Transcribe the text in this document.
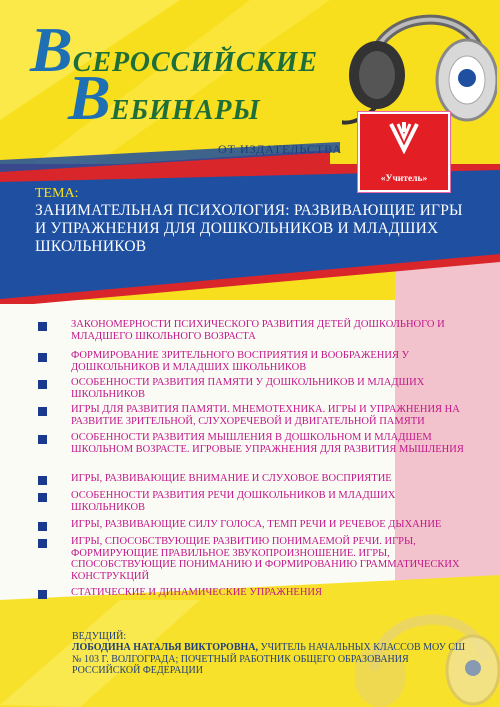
ВСЕРОССИЙСКИЕ
ВЕБИНАРЫ
ОТ ИЗДАТЕЛЬСТВА
«Учитель»
ТЕМА:
ЗАНИМАТЕЛЬНАЯ ПСИХОЛОГИЯ: РАЗВИВАЮЩИЕ ИГРЫ И УПРАЖНЕНИЯ ДЛЯ ДОШКОЛЬНИКОВ И МЛАДШИХ ШКОЛЬНИКОВ
ЗАКОНОМЕРНОСТИ ПСИХИЧЕСКОГО РАЗВИТИЯ ДЕТЕЙ ДОШКОЛЬНОГО И МЛАДШЕГО ШКОЛЬНОГО ВОЗРАСТА
ФОРМИРОВАНИЕ ЗРИТЕЛЬНОГО ВОСПРИЯТИЯ И ВООБРАЖЕНИЯ У ДОШКОЛЬНИКОВ И МЛАДШИХ ШКОЛЬНИКОВ
ОСОБЕННОСТИ РАЗВИТИЯ ПАМЯТИ У ДОШКОЛЬНИКОВ И МЛАДШИХ ШКОЛЬНИКОВ
ИГРЫ ДЛЯ РАЗВИТИЯ ПАМЯТИ. МНЕМОТЕХНИКА. ИГРЫ И УПРАЖНЕНИЯ НА РАЗВИТИЕ ЗРИТЕЛЬНОЙ, СЛУХОРЕЧЕВОЙ И ДВИГАТЕЛЬНОЙ ПАМЯТИ
ОСОБЕННОСТИ РАЗВИТИЯ МЫШЛЕНИЯ В ДОШКОЛЬНОМ И МЛАДШЕМ ШКОЛЬНОМ ВОЗРАСТЕ. ИГРОВЫЕ УПРАЖНЕНИЯ ДЛЯ РАЗВИТИЯ МЫШЛЕНИЯ
ИГРЫ, РАЗВИВАЮЩИЕ ВНИМАНИЕ И СЛУХОВОЕ ВОСПРИЯТИЕ
ОСОБЕННОСТИ РАЗВИТИЯ РЕЧИ ДОШКОЛЬНИКОВ И МЛАДШИХ ШКОЛЬНИКОВ
ИГРЫ, РАЗВИВАЮЩИЕ СИЛУ ГОЛОСА, ТЕМП РЕЧИ И РЕЧЕВОЕ ДЫХАНИЕ
ИГРЫ, СПОСОБСТВУЮЩИЕ РАЗВИТИЮ ПОНИМАЕМОЙ РЕЧИ. ИГРЫ, ФОРМИРУЮЩИЕ ПРАВИЛЬНОЕ ЗВУКОПРОИЗНОШЕНИЕ. ИГРЫ, СПОСОБСТВУЮЩИЕ ПОНИМАНИЮ И ФОРМИРОВАНИЮ ГРАММАТИЧЕСКИХ КОНСТРУКЦИЙ
СТАТИЧЕСКИЕ И ДИНАМИЧЕСКИЕ УПРАЖНЕНИЯ
ВЕДУЩИЙ:
ЛОБОДИНА НАТАЛЬЯ ВИКТОРОВНА, УЧИТЕЛЬ НАЧАЛЬНЫХ КЛАССОВ МОУ СШ № 103 Г. ВОЛГОГРАДА; ПОЧЕТНЫЙ РАБОТНИК ОБЩЕГО ОБРАЗОВАНИЯ РОССИЙСКОЙ ФЕДЕРАЦИИ
